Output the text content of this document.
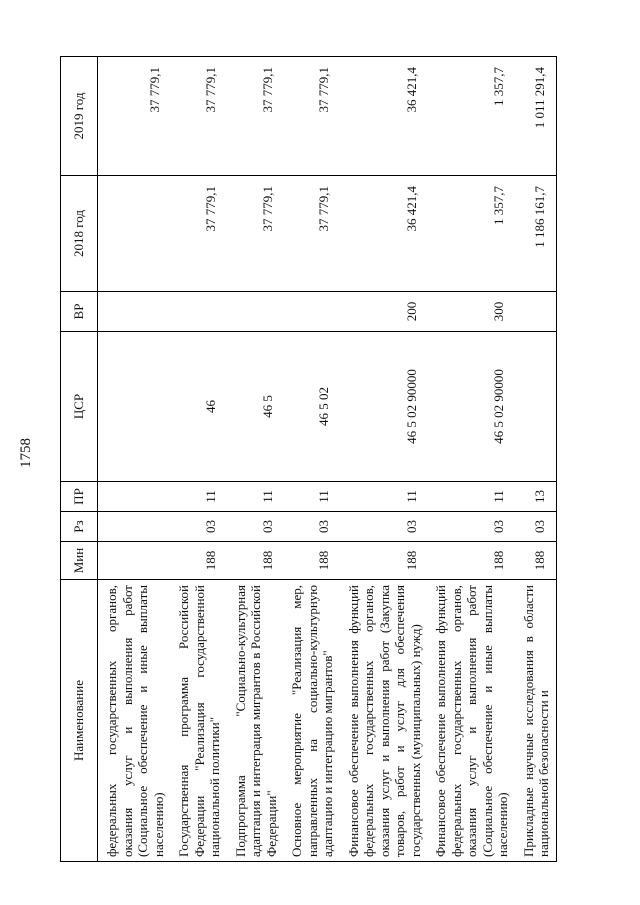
1758
Наименование	Мин	Рз	ПР	ЦСР	ВР	2018 год	2019 год
федеральных государственных органов, оказания услуг и выполнения работ (Социальное обеспечение и иные выплаты населению)							37 779,1
Государственная программа Российской Федерации "Реализация государственной национальной политики"	188	03	11	46		37 779,1	37 779,1
Подпрограмма "Социально-культурная адаптация и интеграция мигрантов в Российской Федерации"	188	03	11	46 5		37 779,1	37 779,1
Основное мероприятие "Реализация мер, направленных на социально-культурную адаптацию и интеграцию мигрантов"	188	03	11	46 5 02		37 779,1	37 779,1
Финансовое обеспечение выполнения функций федеральных государственных органов, оказания услуг и выполнения работ (Закупка товаров, работ и услуг для обеспечения государственных (муниципальных) нужд)	188	03	11	46 5 02 90000	200	36 421,4	36 421,4
Финансовое обеспечение выполнения функций федеральных государственных органов, оказания услуг и выполнения работ (Социальное обеспечение и иные выплаты населению)	188	03	11	46 5 02 90000	300	1 357,7	1 357,7
Прикладные научные исследования в области национальной безопасности и	188	03	13			1 186 161,7	1 011 291,4
